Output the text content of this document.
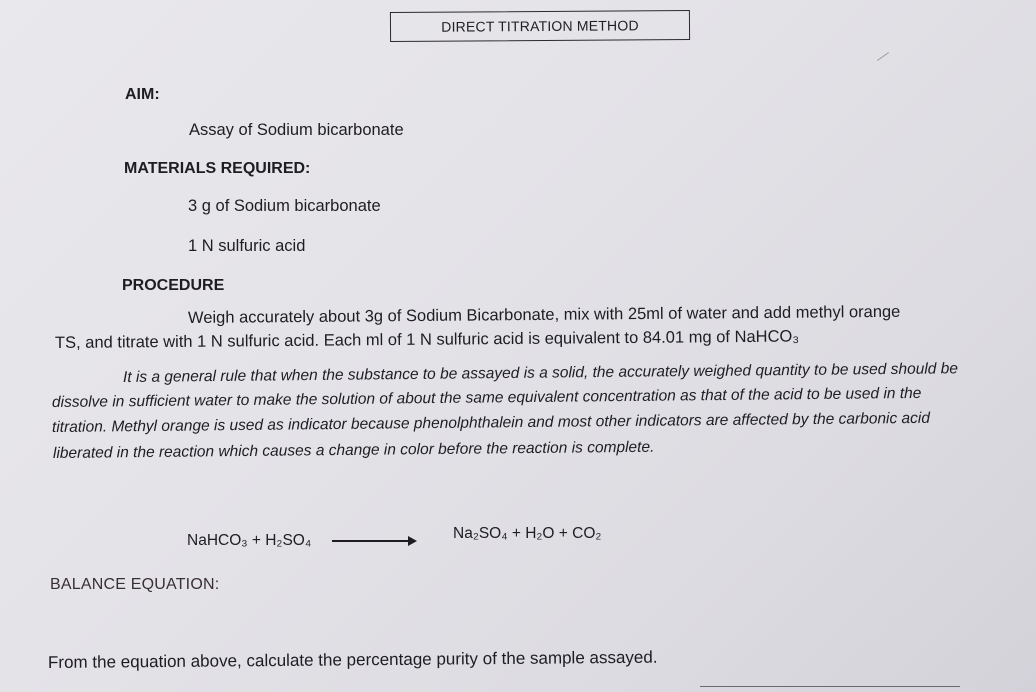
DIRECT TITRATION METHOD

AIM:

Assay of Sodium bicarbonate

MATERIALS REQUIRED:

3 g of Sodium bicarbonate

1 N sulfuric acid

PROCEDURE

Weigh accurately about 3g of Sodium Bicarbonate, mix with 25ml of water and add methyl orange

TS, and titrate with 1 N sulfuric acid. Each ml of 1 N sulfuric acid is equivalent to 84.01 mg of NaHCO₃

It is a general rule that when the substance to be assayed is a solid, the accurately weighed quantity to be used should be

dissolve in sufficient water to make the solution of about the same equivalent concentration as that of the acid to be used in the

titration. Methyl orange is used as indicator because phenolphthalein and most other indicators are affected by the carbonic acid

liberated in the reaction which causes a change in color before the reaction is complete.

NaHCO₃ + H₂SO₄	Na₂SO₄ + H₂O + CO₂

BALANCE EQUATION:

From the equation above, calculate the percentage purity of the sample assayed.
